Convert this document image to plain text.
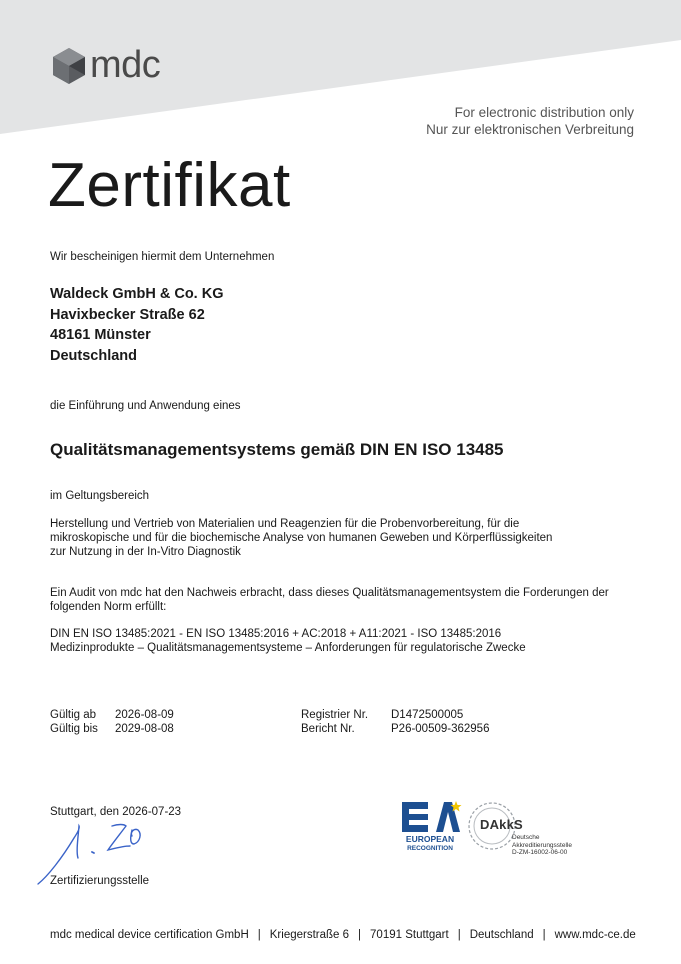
mdc
For electronic distribution only
Nur zur elektronischen Verbreitung
Zertifikat
Wir bescheinigen hiermit dem Unternehmen
Waldeck GmbH & Co. KG
Havixbecker Straße 62
48161 Münster
Deutschland
die Einführung und Anwendung eines
Qualitätsmanagementsystems gemäß DIN EN ISO 13485
im Geltungsbereich
Herstellung und Vertrieb von Materialien und Reagenzien für die Probenvorbereitung, für die
mikroskopische und für die biochemische Analyse von humanen Geweben und Körperflüssigkeiten
zur Nutzung in der In-Vitro Diagnostik
Ein Audit von mdc hat den Nachweis erbracht, dass dieses Qualitätsmanagementsystem die Forderungen der
folgenden Norm erfüllt:
DIN EN ISO 13485:2021 - EN ISO 13485:2016 + AC:2018 + A11:2021 - ISO 13485:2016
Medizinprodukte – Qualitätsmanagementsysteme – Anforderungen für regulatorische Zwecke
Gültig ab 2026-08-09
Gültig bis 2029-08-08
Registrier Nr. D1472500005
Bericht Nr.	P26-00509-362956
Stuttgart, den 2026-07-23
Zertifizierungsstelle
EUROPEAN
RECOGNITION
DAkkS
Deutsche
Akkreditierungsstelle
D-ZM-16002-06-00
mdc medical device certification GmbH | Kriegerstraße 6 | 70191 Stuttgart | Deutschland | www.mdc-ce.de
